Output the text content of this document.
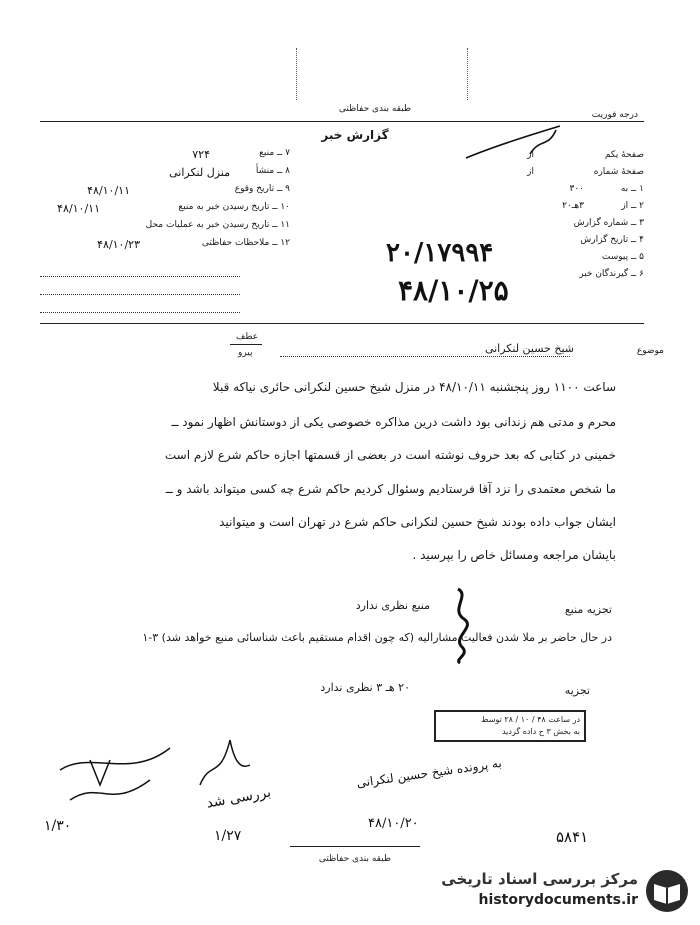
طبقه بندی حفاظتی
درجه فوریت
گزارش خبر
۷ ــ منبع
۷۲۴
۸ ــ منشأ
منزل لنکرانی
۹ ــ تاریخ وقوع
۴۸/۱۰/۱۱
۱۰ ــ تاریخ رسیدن خبر به منبع
۴۸/۱۰/۱۱
۱۱ ــ تاریخ رسیدن خبر به عملیات محل
۱۲ ــ ملاحظات حفاظتی
۴۸/۱۰/۲۳
صفحهٔ یکم
از
صفحهٔ شماره
از
۱ ــ به
۳۰۰
۲ ــ از
۳هـ۲۰
۳ ــ شماره گزارش
۴ ــ تاریخ گزارش
۵ ــ پیوست
۶ ــ گیرندگان خبر
۲۰/۱۷۹۹۴
۴۸/۱۰/۲۵
عطف
پیرو	موضوع
شیخ حسین لنکرانی
ساعت ۱۱۰۰ روز پنجشنبه ۴۸/۱۰/۱۱ در منزل شیخ حسین لنکرانی حائری نیاکه قبلا
محرم و مدتی هم زندانی بود داشت درین مذاکره خصوصی یکی از دوستانش اظهار نمود ــ
خمینی در کتابی که بعد حروف نوشته است در بعضی از قسمتها اجازه حاکم شرع لازم است
ما شخص معتمدی را نزد آقا فرستادیم وسئوال کردیم حاکم شرع چه کسی میتواند باشد و ــ
ایشان جواب داده بودند شیخ حسین لنکرانی حاکم شرع در تهران است و میتوانید
بایشان مراجعه ومسائل خاص را بپرسید .
تجزیه منبع
منبع نظری ندارد
در حال حاضر بر ملا شدن فعالیت مشارالیه (که چون اقدام مستقیم باعث شناسائی منبع خواهد شد) ۳-۱
تجزیه
۲۰ هـ ۳ نظری ندارد
در ساعت ۴۸ / ۱۰ / ۲۸ توسط
به بخش ۳ ح داده گردید
به پرونده شیخ حسین لنکرانی
۴۸/۱۰/۲۰
بررسی شد
۱/۲۷
۱/۳۰
۵۸۴۱
طبقه بندی حفاظتی
مرکز بررسی اسناد تاریخی
historydocuments.ir
